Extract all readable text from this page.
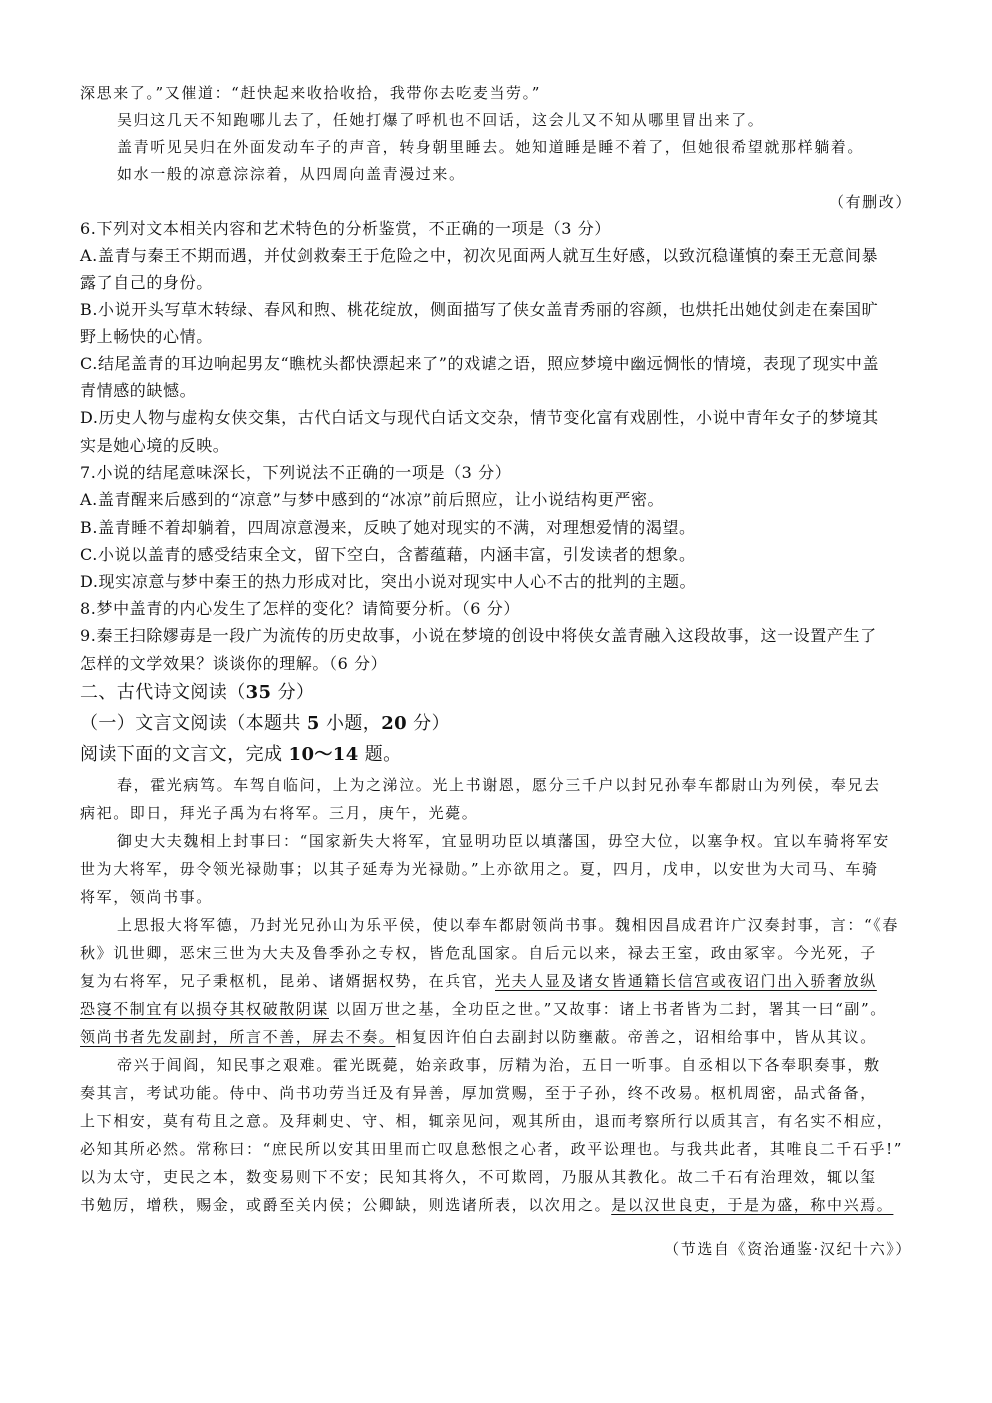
深思来了。”又催道：“赶快起来收拾收拾，我带你去吃麦当劳。”
吴归这几天不知跑哪儿去了，任她打爆了呼机也不回话，这会儿又不知从哪里冒出来了。
盖青听见吴归在外面发动车子的声音，转身朝里睡去。她知道睡是睡不着了，但她很希望就那样躺着。
如水一般的凉意淙淙着，从四周向盖青漫过来。
（有删改）
6.下列对文本相关内容和艺术特色的分析鉴赏，不正确的一项是（3 分）
A.盖青与秦王不期而遇，并仗剑救秦王于危险之中，初次见面两人就互生好感，以致沉稳谨慎的秦王无意间暴
露了自己的身份。
B.小说开头写草木转绿、春风和煦、桃花绽放，侧面描写了侠女盖青秀丽的容颜，也烘托出她仗剑走在秦国旷
野上畅快的心情。
C.结尾盖青的耳边响起男友“瞧枕头都快漂起来了”的戏谑之语，照应梦境中幽远惆怅的情境，表现了现实中盖
青情感的缺憾。
D.历史人物与虚构女侠交集，古代白话文与现代白话文交杂，情节变化富有戏剧性，小说中青年女子的梦境其
实是她心境的反映。
7.小说的结尾意味深长，下列说法不正确的一项是（3 分）
A.盖青醒来后感到的“凉意”与梦中感到的“冰凉”前后照应，让小说结构更严密。
B.盖青睡不着却躺着，四周凉意漫来，反映了她对现实的不满，对理想爱情的渴望。
C.小说以盖青的感受结束全文，留下空白，含蓄蕴藉，内涵丰富，引发读者的想象。
D.现实凉意与梦中秦王的热力形成对比，突出小说对现实中人心不古的批判的主题。
8.梦中盖青的内心发生了怎样的变化？请简要分析。（6 分）
9.秦王扫除嫪毐是一段广为流传的历史故事，小说在梦境的创设中将侠女盖青融入这段故事，这一设置产生了
怎样的文学效果？谈谈你的理解。（6 分）
二、古代诗文阅读（35 分）
（一）文言文阅读（本题共 5 小题，20 分）
阅读下面的文言文，完成 10～14 题。
春，霍光病笃。车驾自临问，上为之涕泣。光上书谢恩，愿分三千户以封兄孙奉车都尉山为列侯，奉兄去
病祀。即日，拜光子禹为右将军。三月，庚午，光薨。
御史大夫魏相上封事曰：“国家新失大将军，宜显明功臣以填藩国，毋空大位，以塞争权。宜以车骑将军安
世为大将军，毋令领光禄勋事；以其子延寿为光禄勋。”上亦欲用之。夏，四月，戊申，以安世为大司马、车骑
将军，领尚书事。
上思报大将军德，乃封光兄孙山为乐平侯，使以奉车都尉领尚书事。魏相因昌成君许广汉奏封事，言：“《春
秋》讥世卿，恶宋三世为大夫及鲁季孙之专权，皆危乱国家。自后元以来，禄去王室，政由冢宰。今光死，子
复为右将军，兄子秉枢机，昆弟、诸婿据权势，在兵官，光夫人显及诸女皆通籍长信宫或夜诏门出入骄奢放纵
恐寖不制宜有以损夺其权破散阴谋 以固万世之基，全功臣之世。”又故事：诸上书者皆为二封，署其一曰“副”。
领尚书者先发副封，所言不善，屏去不奏。相复因许伯白去副封以防壅蔽。帝善之，诏相给事中，皆从其议。
帝兴于闾阎，知民事之艰难。霍光既薨，始亲政事，厉精为治，五日一听事。自丞相以下各奉职奏事，敷
奏其言，考试功能。侍中、尚书功劳当迁及有异善，厚加赏赐，至于子孙，终不改易。枢机周密，品式备备，
上下相安，莫有苟且之意。及拜刺史、守、相，辄亲见问，观其所由，退而考察所行以质其言，有名实不相应，
必知其所必然。常称曰：“庶民所以安其田里而亡叹息愁恨之心者，政平讼理也。与我共此者，其唯良二千石乎!”
以为太守，吏民之本，数变易则下不安；民知其将久，不可欺罔，乃服从其教化。故二千石有治理效，辄以玺
书勉厉，增秩，赐金，或爵至关内侯；公卿缺，则选诸所表，以次用之。是以汉世良吏，于是为盛，称中兴焉。
（节选自《资治通鉴·汉纪十六》）
